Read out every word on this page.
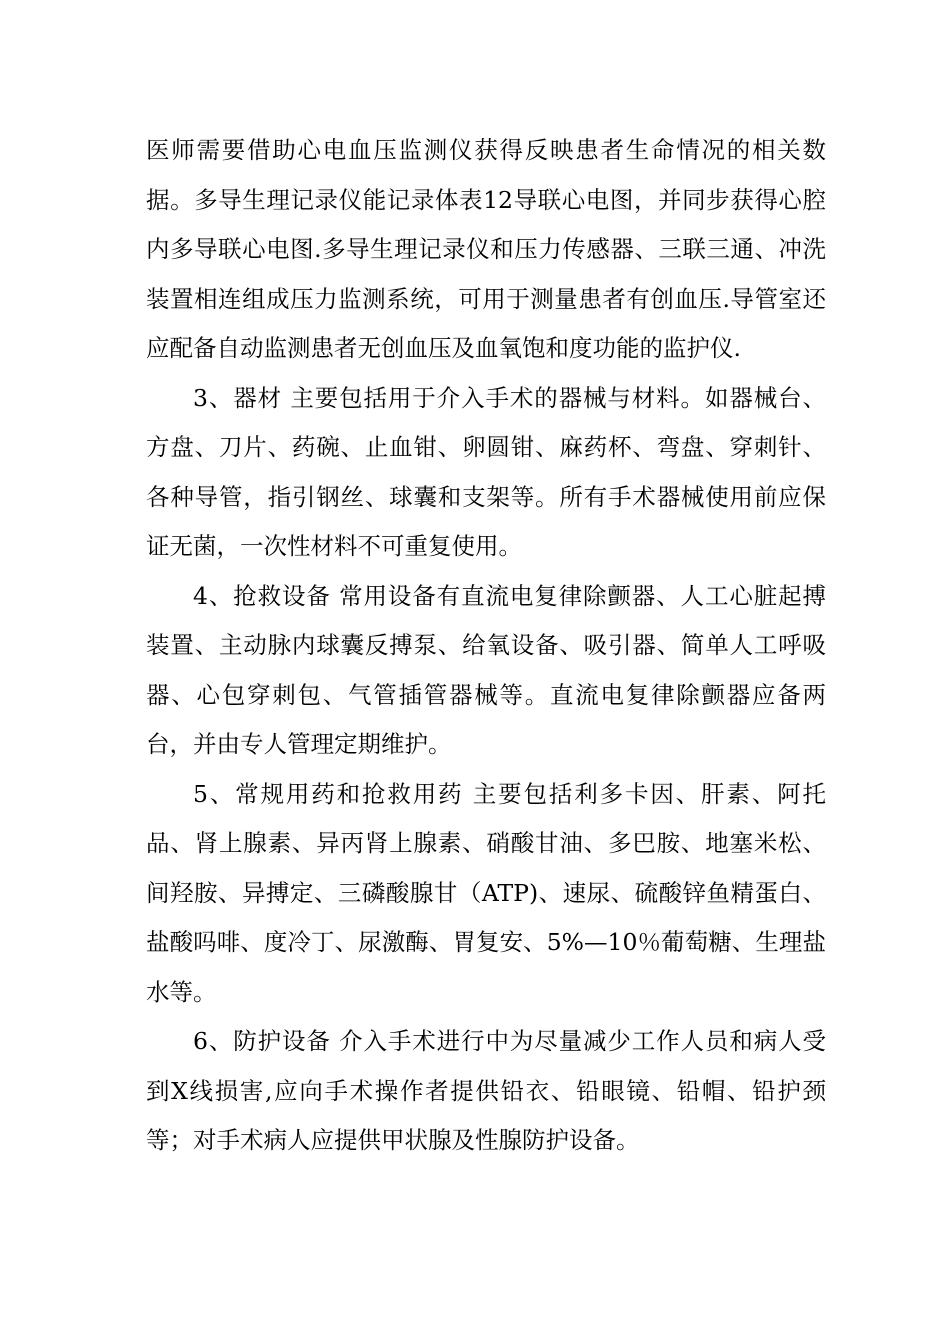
医师需要借助心电血压监测仪获得反映患者生命情况的相关数据。多导生理记录仪能记录体表12导联心电图，并同步获得心腔内多导联心电图.多导生理记录仪和压力传感器、三联三通、冲洗装置相连组成压力监测系统，可用于测量患者有创血压.导管室还应配备自动监测患者无创血压及血氧饱和度功能的监护仪.

3、器材 主要包括用于介入手术的器械与材料。如器械台、方盘、刀片、药碗、止血钳、卵圆钳、麻药杯、弯盘、穿刺针、各种导管，指引钢丝、球囊和支架等。所有手术器械使用前应保证无菌，一次性材料不可重复使用。

4、抢救设备 常用设备有直流电复律除颤器、人工心脏起搏装置、主动脉内球囊反搏泵、给氧设备、吸引器、简单人工呼吸器、心包穿刺包、气管插管器械等。直流电复律除颤器应备两台，并由专人管理定期维护。

5、常规用药和抢救用药 主要包括利多卡因、肝素、阿托品、肾上腺素、异丙肾上腺素、硝酸甘油、多巴胺、地塞米松、间羟胺、异搏定、三磷酸腺甘（ATP)、速尿、硫酸锌鱼精蛋白、盐酸吗啡、度冷丁、尿激酶、胃复安、5%—10％葡萄糖、生理盐水等。

6、防护设备 介入手术进行中为尽量减少工作人员和病人受到X线损害,应向手术操作者提供铅衣、铅眼镜、铅帽、铅护颈等；对手术病人应提供甲状腺及性腺防护设备。
